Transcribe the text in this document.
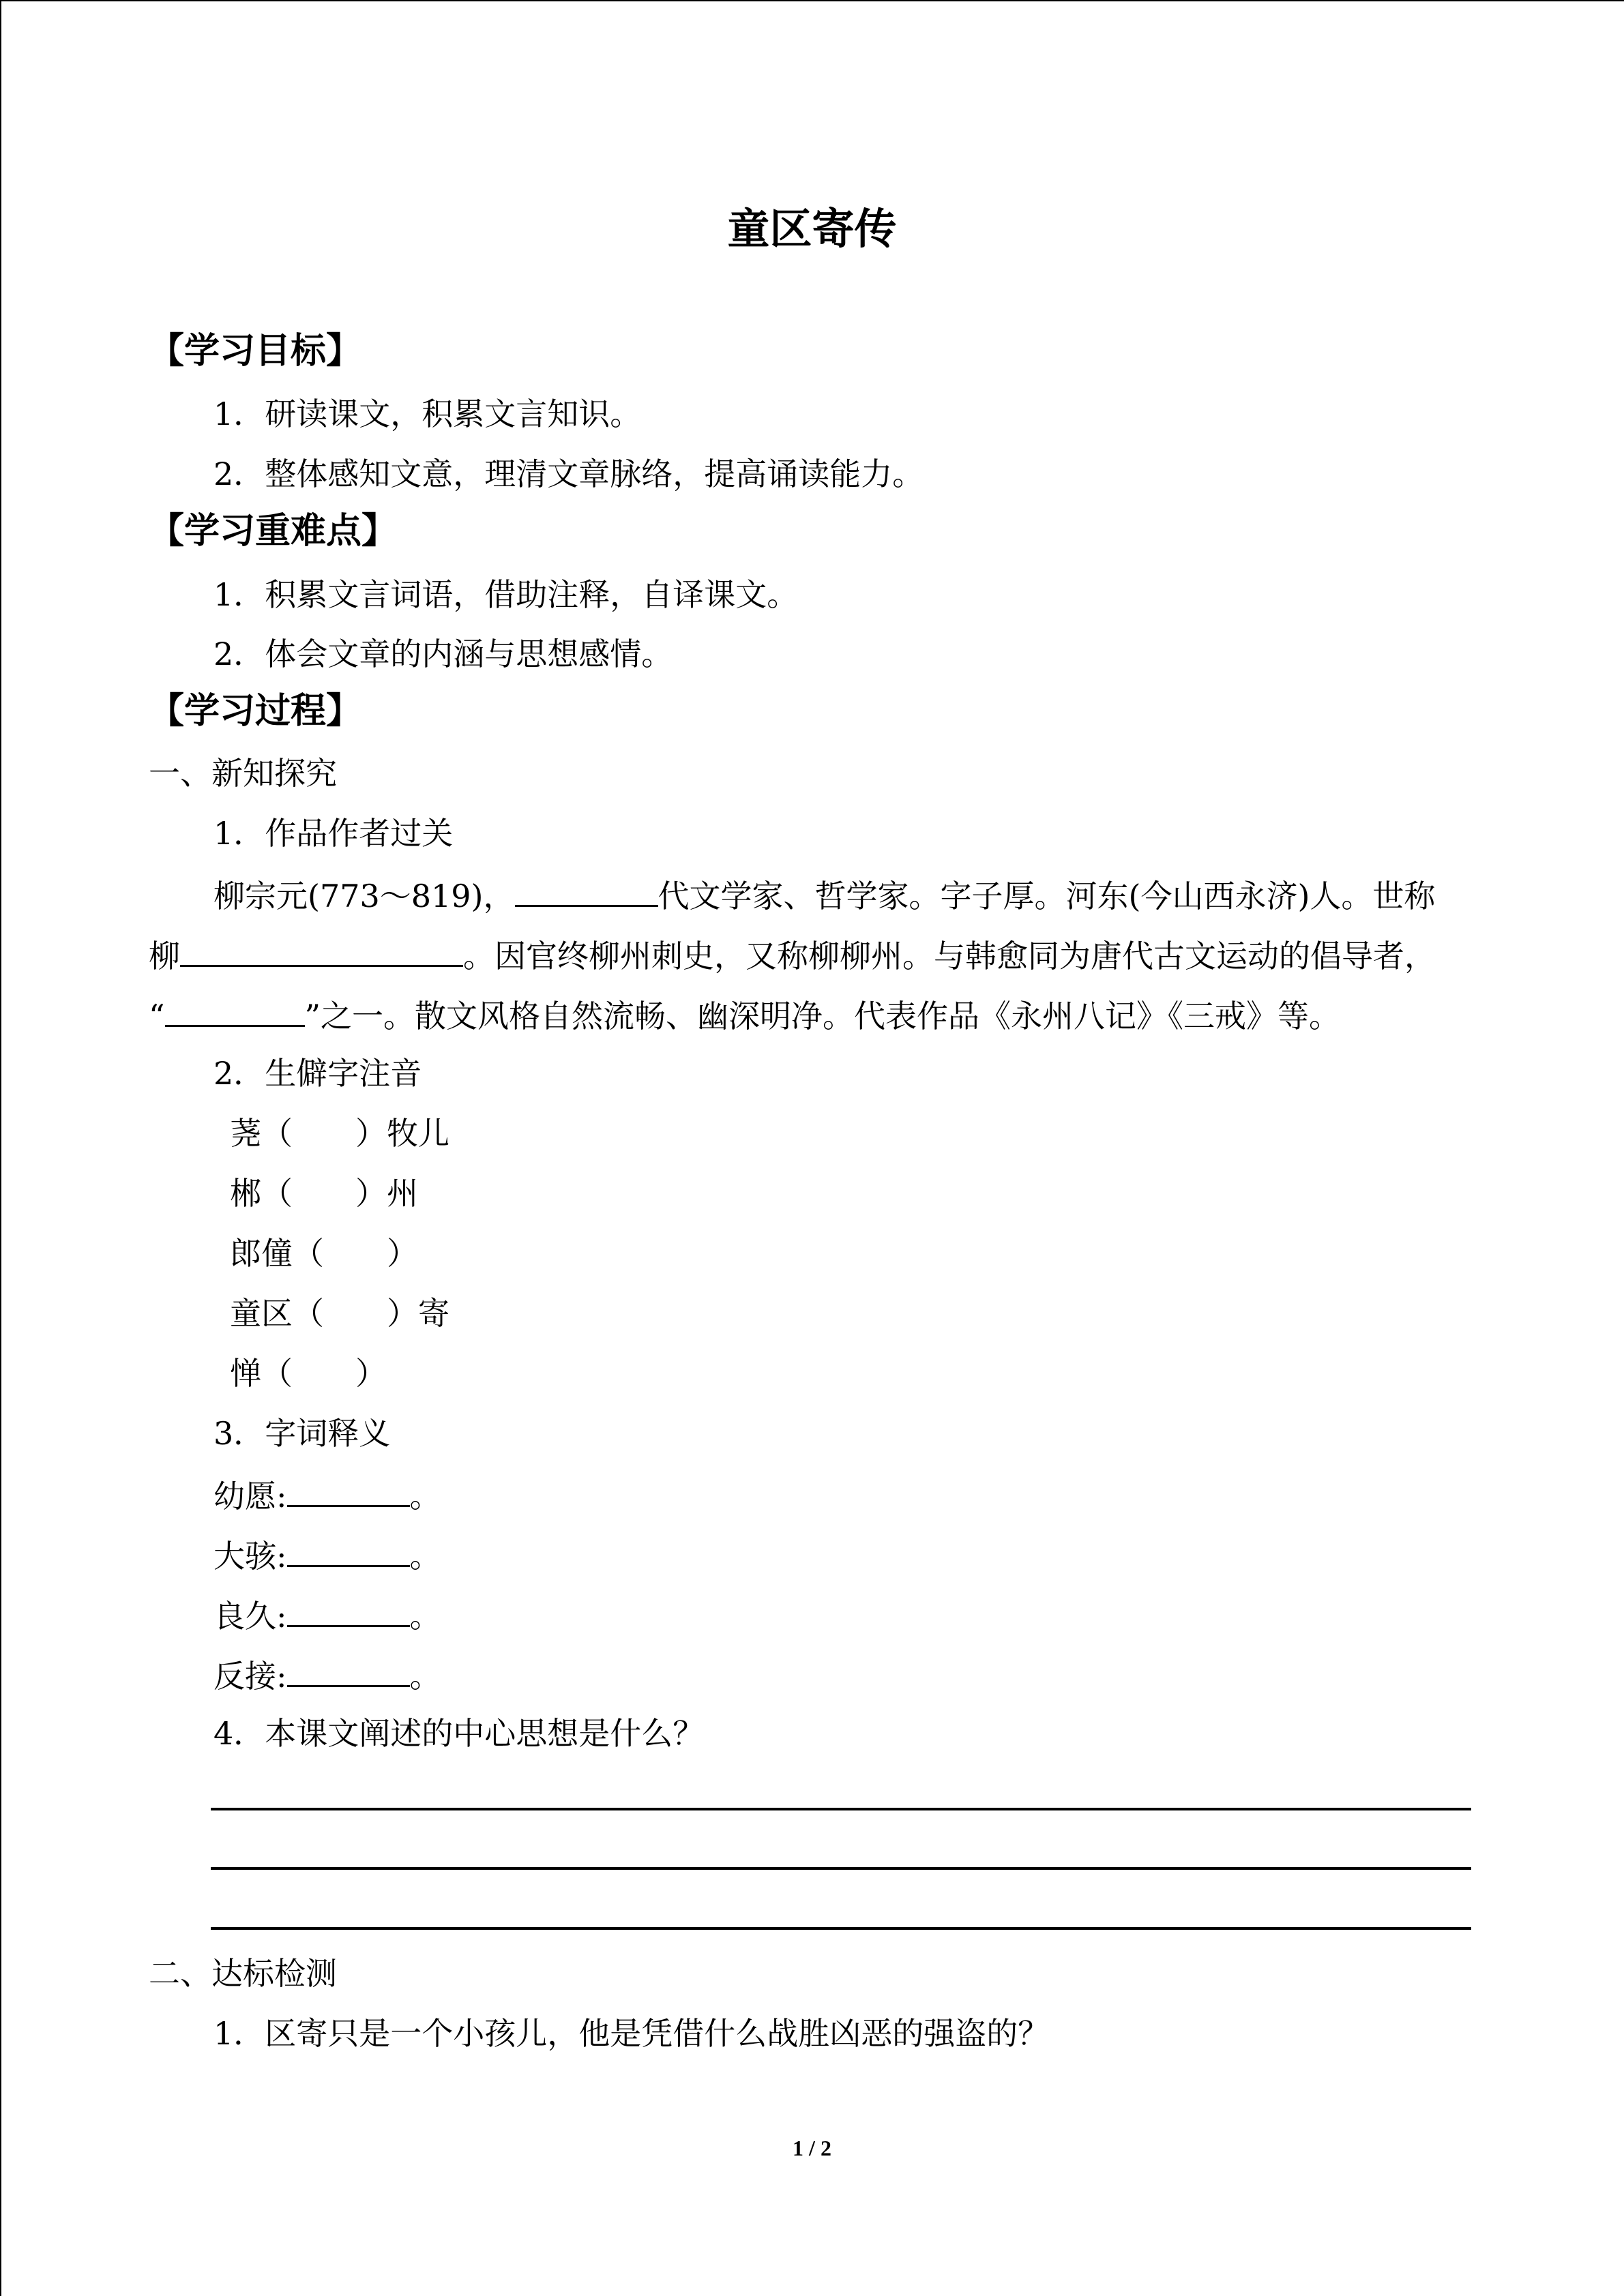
童区寄传
【学习目标】
1．研读课文，积累文言知识。
2．整体感知文意，理清文章脉络，提高诵读能力。
【学习重难点】
1．积累文言词语，借助注释，自译课文。
2．体会文章的内涵与思想感情。
【学习过程】
一、新知探究
1．作品作者过关
柳宗元(773～819)，	代文学家、哲学家。字子厚。河东(今山西永济)人。世称
柳	。因官终柳州刺史，又称柳柳州。与韩愈同为唐代古文运动的倡导者，
“	”之一。散文风格自然流畅、幽深明净。代表作品《永州八记》《三戒》等。
2．生僻字注音
荛（　　）牧儿
郴（　　）州
郎僮（　　）
童区（　　）寄
惮（　　）
3．字词释义
幼愿:	。
大骇:	。
良久:	。
反接:	。
4．本课文阐述的中心思想是什么？
二、达标检测
1．区寄只是一个小孩儿，他是凭借什么战胜凶恶的强盗的？
1 / 2
